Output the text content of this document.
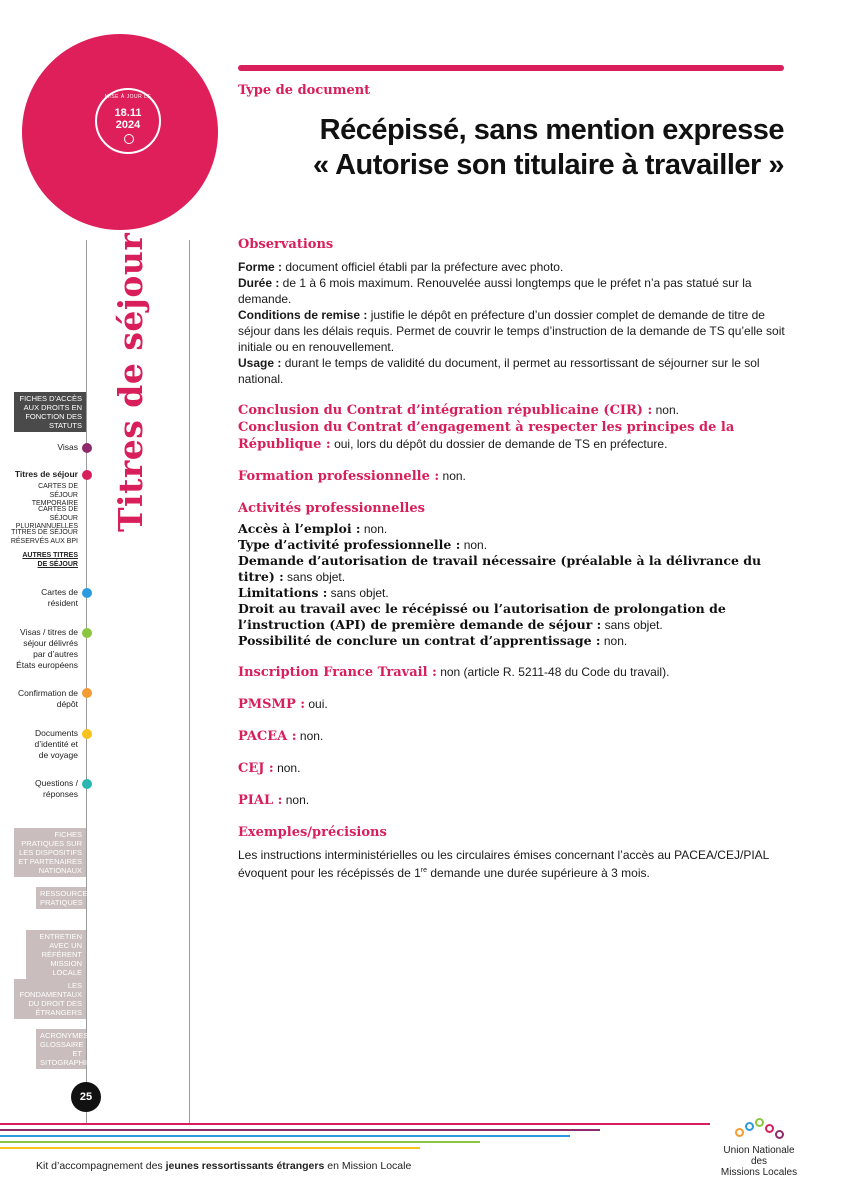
MISE À JOUR LE
18.11
2024
Type de document
Récépissé, sans mention expresse
« Autorise son titulaire à travailler »
Titres de séjour
FICHES D’ACCÈS AUX DROITS EN FONCTION DES STATUTS
Visas
Titres de séjour
CARTES DE SÉJOUR TEMPORAIRE
CARTES DE SÉJOUR PLURIANNUELLES
TITRES DE SÉJOUR RÉSERVÉS AUX BPI
AUTRES TITRES DE SÉJOUR
Cartes de résident
Visas / titres de séjour délivrés par d’autres États européens
Confirmation de dépôt
Documents d’identité et de voyage
Questions / réponses
FICHES PRATIQUES SUR LES DISPOSITIFS ET PARTENAIRES NATIONAUX
RESSOURCES PRATIQUES
ENTRETIEN AVEC UN RÉFÉRENT MISSION LOCALE
LES FONDAMENTAUX DU DROIT DES ÉTRANGERS
ACRONYMES, GLOSSAIRE ET SITOGRAPHIE
25
Observations

Forme : document officiel établi par la préfecture avec photo.

Durée : de 1 à 6 mois maximum. Renouvelée aussi longtemps que le préfet n’a pas statué sur la demande.

Conditions de remise : justifie le dépôt en préfecture d’un dossier complet de demande de titre de séjour dans les délais requis. Permet de couvrir le temps d’instruction de la demande de TS qu’elle soit initiale ou en renouvellement.

Usage : durant le temps de validité du document, il permet au ressortissant de séjourner sur le sol national.

Conclusion du Contrat d’intégration républicaine (CIR) : non.

Conclusion du Contrat d’engagement à respecter les principes de la République : oui, lors du dépôt du dossier de demande de TS en préfecture.

Formation professionnelle : non.

Activités professionnelles

Accès à l’emploi : non.

Type d’activité professionnelle : non.

Demande d’autorisation de travail nécessaire (préalable à la délivrance du titre) : sans objet.

Limitations : sans objet.

Droit au travail avec le récépissé ou l’autorisation de prolongation de l’instruction (API) de première demande de séjour : sans objet.

Possibilité de conclure un contrat d’apprentissage : non.

Inscription France Travail : non (article R. 5211-48 du Code du travail).

PMSMP : oui.

PACEA : non.

CEJ : non.

PIAL : non.

Exemples/précisions

Les instructions interministérielles ou les circulaires émises concernant l’accès au PACEA/CEJ/PIAL évoquent pour les récépissés de 1re demande une durée supérieure à 3 mois.

Kit d’accompagnement des jeunes ressortissants étrangers en Mission Locale
Union Nationale des
Missions Locales
